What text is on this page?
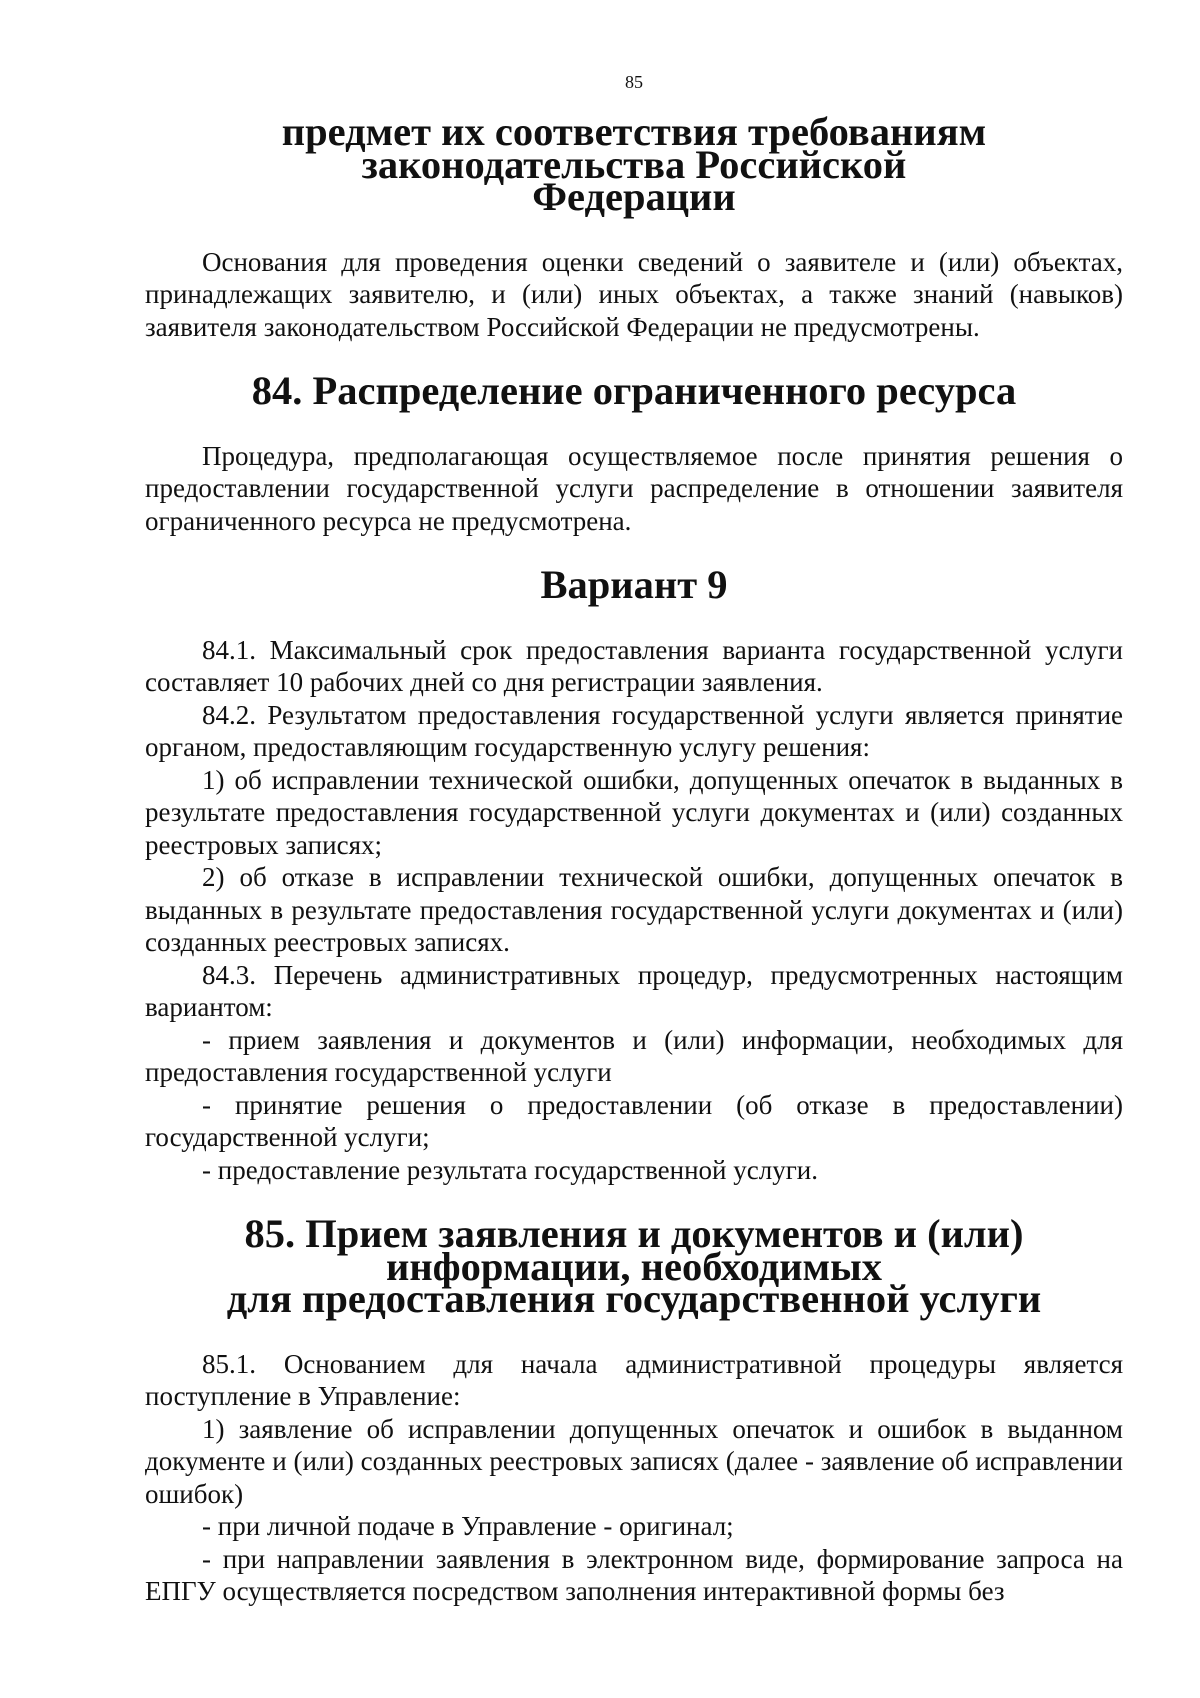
85
предмет их соответствия требованиям законодательства Российской
Федерации

Основания для проведения оценки сведений о заявителе и (или) объектах, принадлежащих заявителю, и (или) иных объектах, а также знаний (навыков) заявителя законодательством Российской Федерации не предусмотрены.

84. Распределение ограниченного ресурса

Процедура, предполагающая осуществляемое после принятия решения о предоставлении государственной услуги распределение в отношении заявителя ограниченного ресурса не предусмотрена.

Вариант 9

84.1. Максимальный срок предоставления варианта государственной услуги составляет 10 рабочих дней со дня регистрации заявления.

84.2. Результатом предоставления государственной услуги является принятие органом, предоставляющим государственную услугу решения:

1) об исправлении технической ошибки, допущенных опечаток в выданных в результате предоставления государственной услуги документах и (или) созданных реестровых записях;

2) об отказе в исправлении технической ошибки, допущенных опечаток в выданных в результате предоставления государственной услуги документах и (или) созданных реестровых записях.

84.3. Перечень административных процедур, предусмотренных настоящим вариантом:

- прием заявления и документов и (или) информации, необходимых для предоставления государственной услуги

- принятие решения о предоставлении (об отказе в предоставлении) государственной услуги;

- предоставление результата государственной услуги.

85. Прием заявления и документов и (или) информации, необходимых
для предоставления государственной услуги

85.1. Основанием для начала административной процедуры является поступление в Управление:

1) заявление об исправлении допущенных опечаток и ошибок в выданном документе и (или) созданных реестровых записях (далее - заявление об исправлении ошибок)

- при личной подаче в Управление - оригинал;

- при направлении заявления в электронном виде, формирование запроса на ЕПГУ осуществляется посредством заполнения интерактивной формы без
